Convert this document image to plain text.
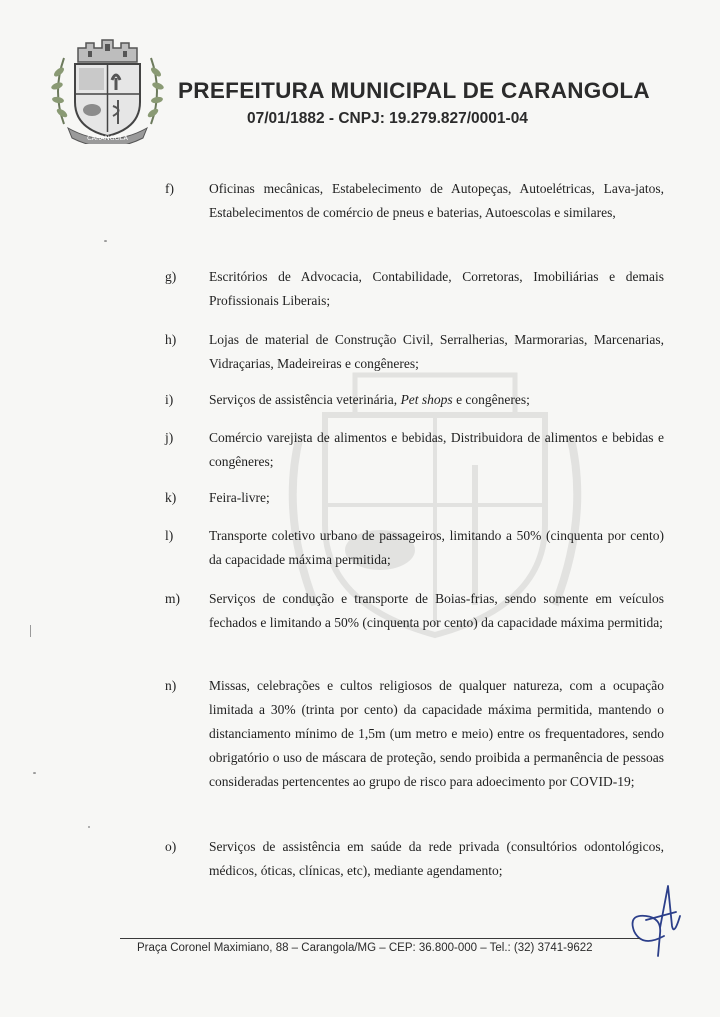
CARANGOLA
PREFEITURA MUNICIPAL DE CARANGOLA
07/01/1882 - CNPJ: 19.279.827/0001-04
f)	Oficinas mecânicas, Estabelecimento de Autopeças, Autoelétricas, Lava-jatos, Estabelecimentos de comércio de pneus e baterias, Autoescolas e similares,
g) Escritórios de Advocacia, Contabilidade, Corretoras, Imobiliárias e demais Profissionais Liberais;
h) Lojas de material de Construção Civil, Serralherias, Marmorarias, Marcenarias, Vidraçarias, Madeireiras e congêneres;
i)	Serviços de assistência veterinária, Pet shops e congêneres;
j)	Comércio varejista de alimentos e bebidas, Distribuidora de alimentos e bebidas e congêneres;
k) Feira-livre;
l)	Transporte coletivo urbano de passageiros, limitando a 50% (cinquenta por cento) da capacidade máxima permitida;
m) Serviços de condução e transporte de Boias-frias, sendo somente em veículos fechados e limitando a 50% (cinquenta por cento) da capacidade máxima permitida;
n) Missas, celebrações e cultos religiosos de qualquer natureza, com a ocupação limitada a 30% (trinta por cento) da capacidade máxima permitida, mantendo o distanciamento mínimo de 1,5m (um metro e meio) entre os frequentadores, sendo obrigatório o uso de máscara de proteção, sendo proibida a permanência de pessoas consideradas pertencentes ao grupo de risco para adoecimento por COVID-19;
o) Serviços de assistência em saúde da rede privada (consultórios odontológicos, médicos, óticas, clínicas, etc), mediante agendamento;
Praça Coronel Maximiano, 88 – Carangola/MG – CEP: 36.800-000 – Tel.: (32) 3741-9622
